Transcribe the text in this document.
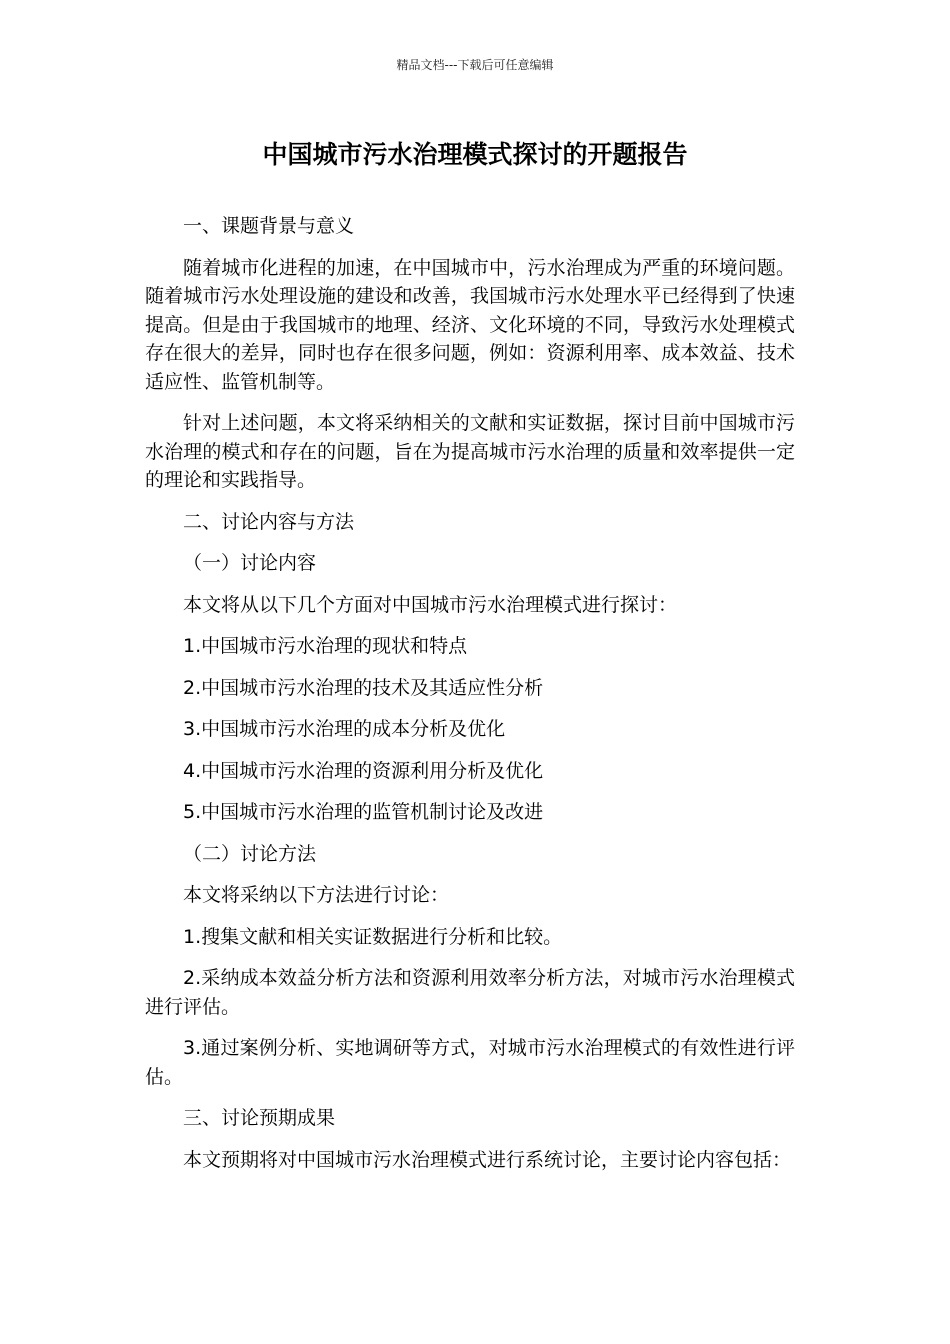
精品文档---下载后可任意编辑
中国城市污水治理模式探讨的开题报告

一、课题背景与意义

随着城市化进程的加速，在中国城市中，污水治理成为严重的环境问题。随着城市污水处理设施的建设和改善，我国城市污水处理水平已经得到了快速提高。但是由于我国城市的地理、经济、文化环境的不同，导致污水处理模式存在很大的差异，同时也存在很多问题，例如：资源利用率、成本效益、技术适应性、监管机制等。

针对上述问题，本文将采纳相关的文献和实证数据，探讨目前中国城市污水治理的模式和存在的问题，旨在为提高城市污水治理的质量和效率提供一定的理论和实践指导。

二、讨论内容与方法

（一）讨论内容

本文将从以下几个方面对中国城市污水治理模式进行探讨：

1.中国城市污水治理的现状和特点

2.中国城市污水治理的技术及其适应性分析

3.中国城市污水治理的成本分析及优化

4.中国城市污水治理的资源利用分析及优化

5.中国城市污水治理的监管机制讨论及改进

（二）讨论方法

本文将采纳以下方法进行讨论：

1.搜集文献和相关实证数据进行分析和比较。

2.采纳成本效益分析方法和资源利用效率分析方法，对城市污水治理模式进行评估。

3.通过案例分析、实地调研等方式，对城市污水治理模式的有效性进行评估。

三、讨论预期成果

本文预期将对中国城市污水治理模式进行系统讨论，主要讨论内容包括：
